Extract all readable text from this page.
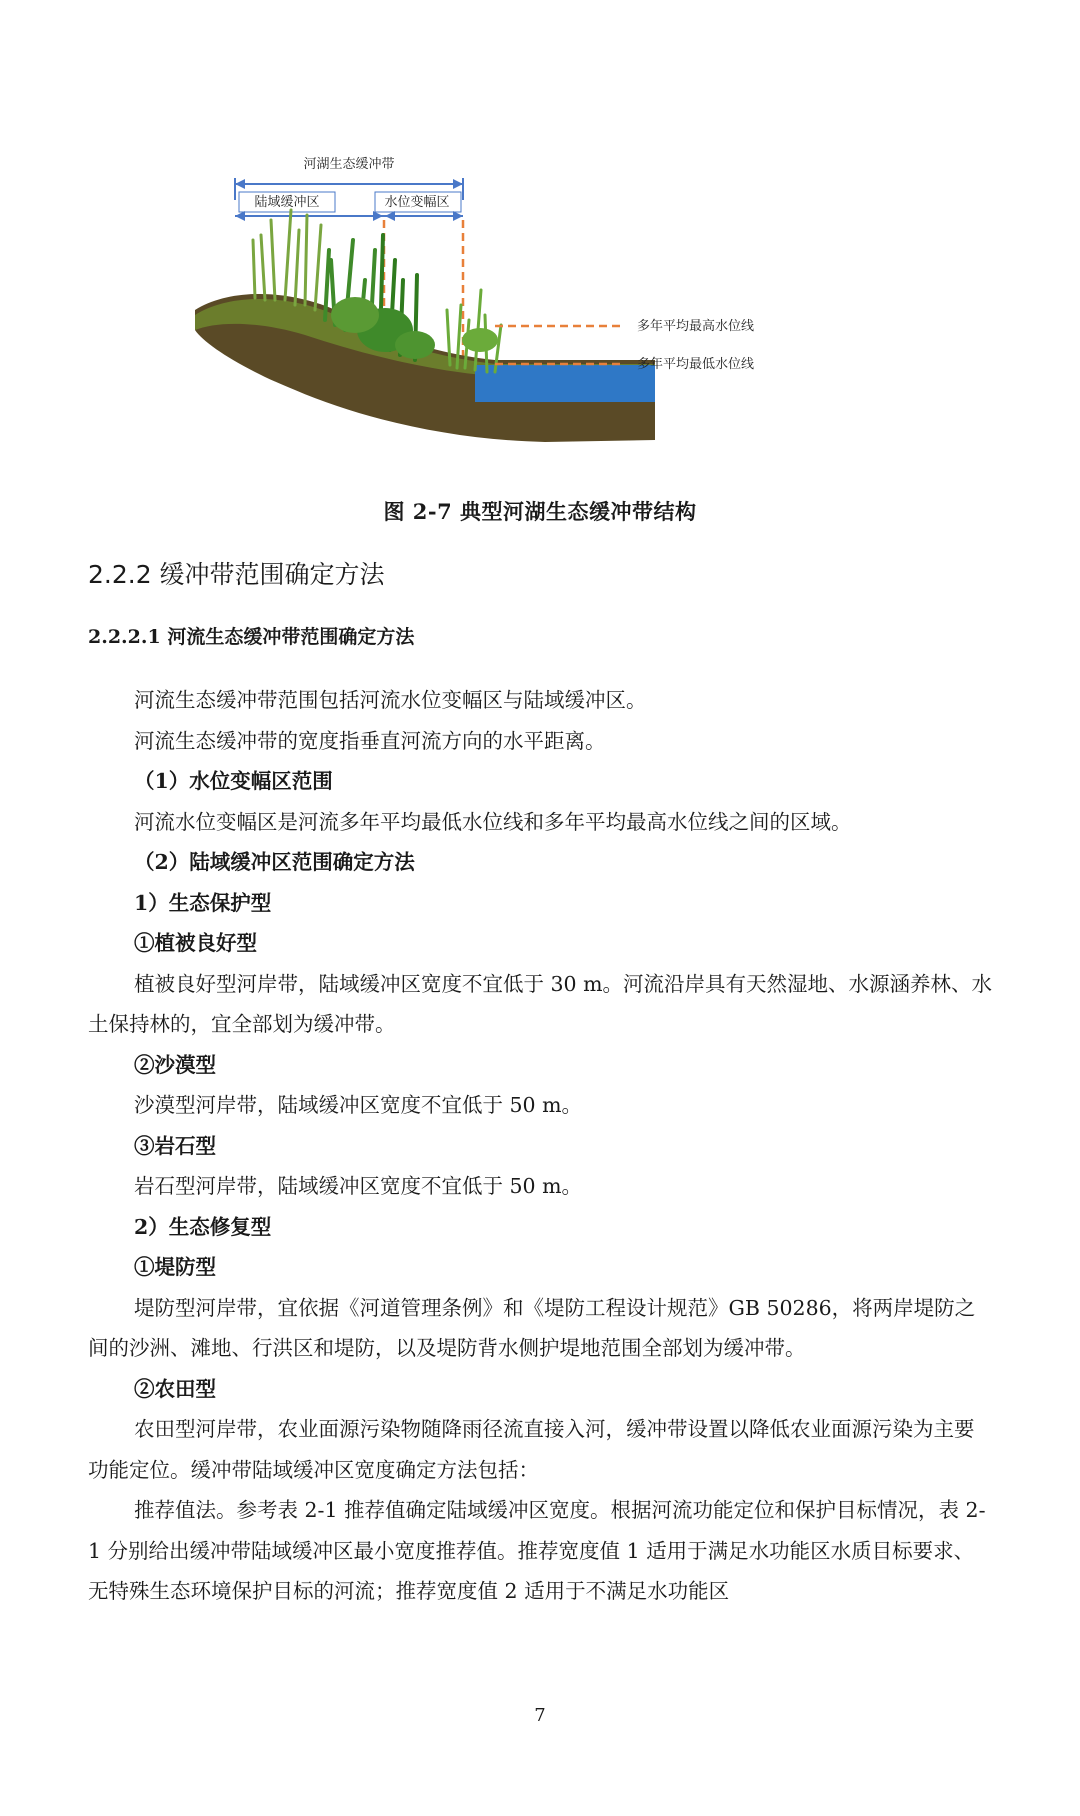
河湖生态缓冲带
陆域缓冲区	水位变幅区
多年平均最高水位线
多年平均最低水位线
图 2-7 典型河湖生态缓冲带结构
2.2.2 缓冲带范围确定方法
2.2.2.1 河流生态缓冲带范围确定方法

河流生态缓冲带范围包括河流水位变幅区与陆域缓冲区。

河流生态缓冲带的宽度指垂直河流方向的水平距离。

（1）水位变幅区范围

河流水位变幅区是河流多年平均最低水位线和多年平均最高水位线之间的区域。

（2）陆域缓冲区范围确定方法

1）生态保护型

①植被良好型

植被良好型河岸带，陆域缓冲区宽度不宜低于 30 m。河流沿岸具有天然湿地、水源涵养林、水土保持林的，宜全部划为缓冲带。

②沙漠型

沙漠型河岸带，陆域缓冲区宽度不宜低于 50 m。

③岩石型

岩石型河岸带，陆域缓冲区宽度不宜低于 50 m。

2）生态修复型

①堤防型

堤防型河岸带，宜依据《河道管理条例》和《堤防工程设计规范》GB 50286，将两岸堤防之间的沙洲、滩地、行洪区和堤防，以及堤防背水侧护堤地范围全部划为缓冲带。

②农田型

农田型河岸带，农业面源污染物随降雨径流直接入河，缓冲带设置以降低农业面源污染为主要功能定位。缓冲带陆域缓冲区宽度确定方法包括：

推荐值法。参考表 2-1 推荐值确定陆域缓冲区宽度。根据河流功能定位和保护目标情况，表 2-1 分别给出缓冲带陆域缓冲区最小宽度推荐值。推荐宽度值 1 适用于满足水功能区水质目标要求、无特殊生态环境保护目标的河流；推荐宽度值 2 适用于不满足水功能区

7
